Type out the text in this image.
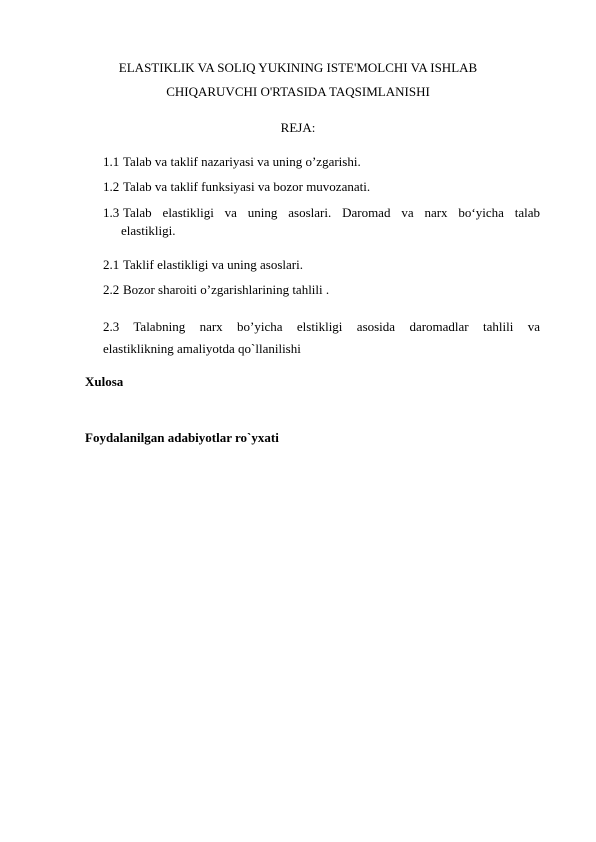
ELASTIKLIK VA SOLIQ YUKINING ISTE'MOLCHI VA ISHLAB

CHIQARUVCHI O'RTASIDA TAQSIMLANISHI

REJA:

1.1 Talab va taklif nazariyasi va uning o’zgarishi.
1.2 Talab va taklif funksiyasi va bozor muvozanati.
1.3 Talab elastikligi va uning asoslari. Daromad va narx bo‘yicha talab
elastikligi.
2.1 Taklif elastikligi va uning asoslari.
2.2 Bozor sharoiti o’zgarishlarining tahlili .
2.3 Talabning narx bo’yicha elstikligi asosida daromadlar tahlili va
elastiklikning amaliyotda qo`llanilishi

Xulosa

Foydalanilgan adabiyotlar ro`yxati
